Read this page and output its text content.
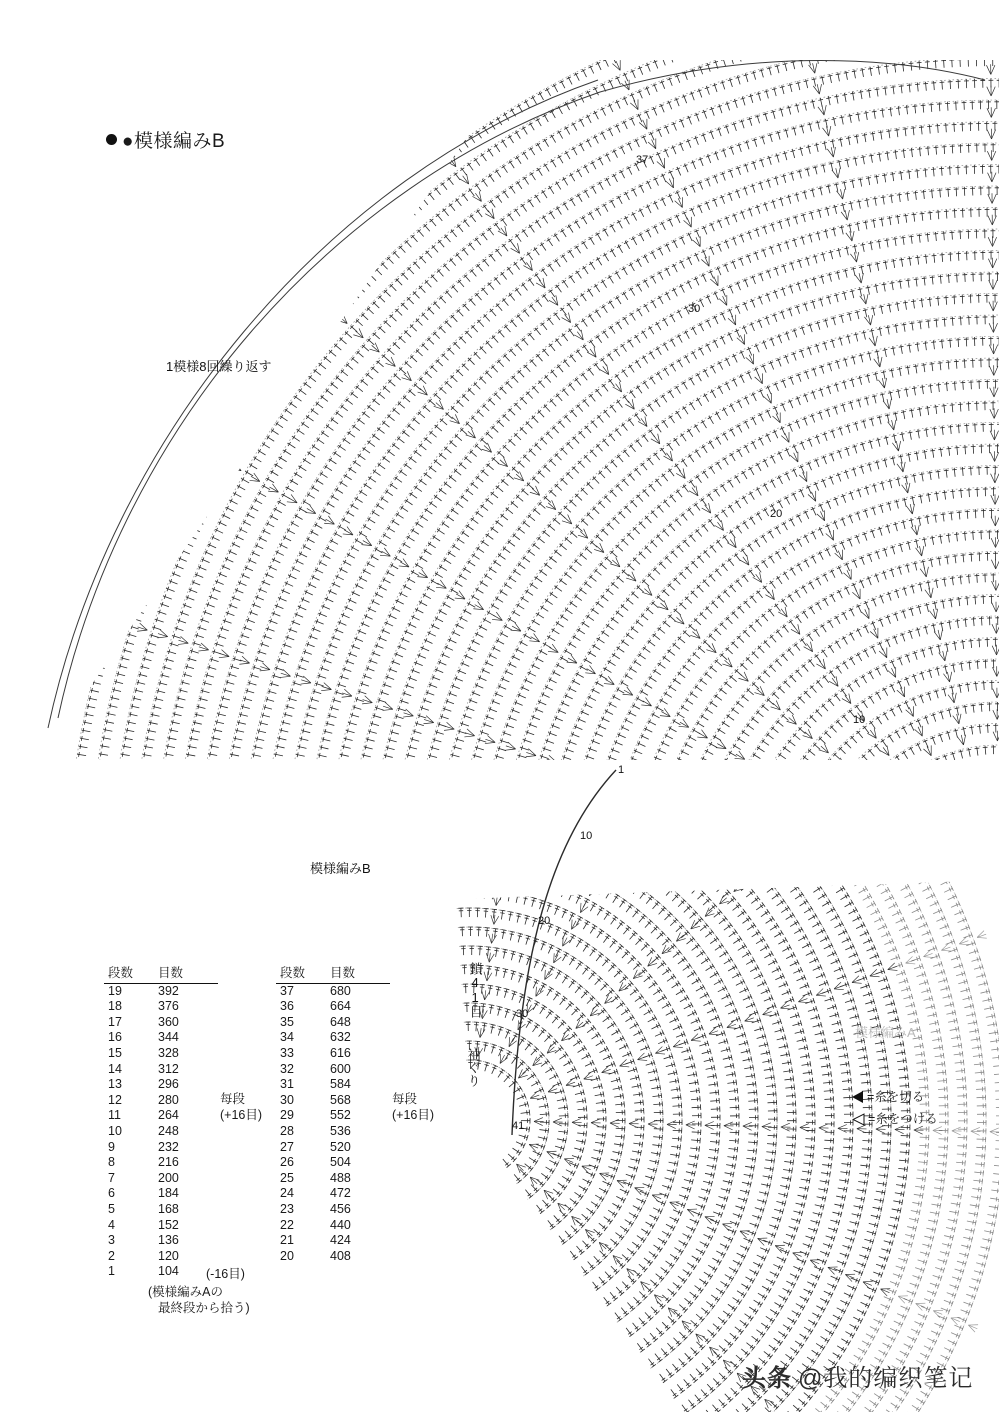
●模様編みB
1模様8回繰り返す
模様編みB
模様編みA
鎖41目
袖ぐり
1
10
20
30
41
10
20
30
37
段数	目数
19	392
18	376
17	360
16	344
15	328
14	312
13	296
12	280
11	264
10	248
9	232
8	216
7	200
6	184
5	168
4	152
3	136
2	120
1	104
每段
(+16目)
(-16目)
(模様編みAの
最終段から拾う)
段数	目数
37	680
36	664
35	648
34	632
33	616
32	600
31	584
30	568
29	552
28	536
27	520
26	504
25	488
24	472
23	456
22	440
21	424
20	408
每段
(+16目)
=糸を切る
=糸をつける
头条 @我的编织笔记
